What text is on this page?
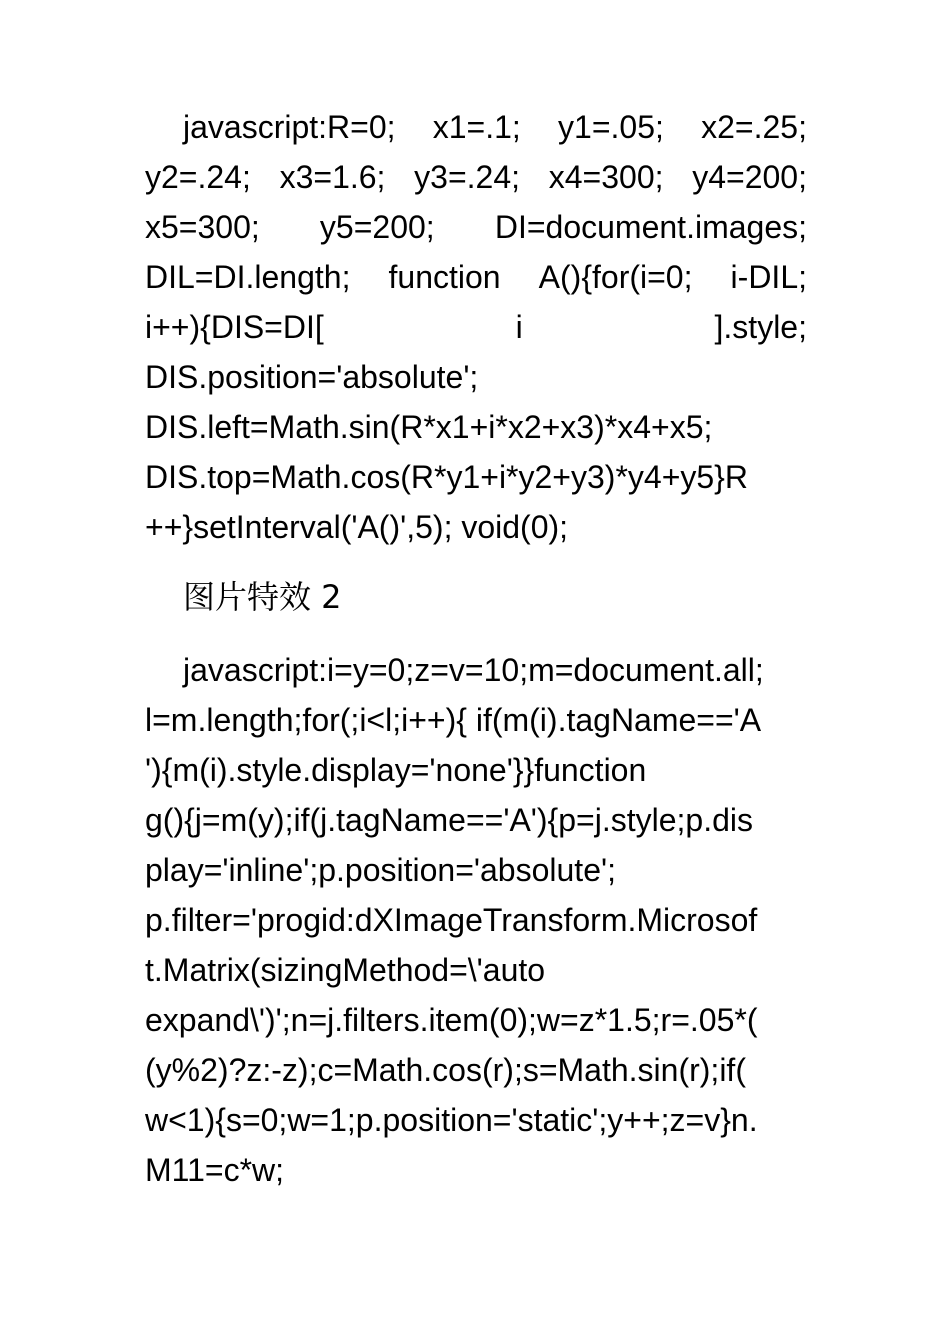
javascript:R=0; x1=.1; y1=.05; x2=.25;
y2=.24; x3=1.6; y3=.24; x4=300; y4=200;
x5=300; y5=200; DI=document.images;
DIL=DI.length; function A(){for(i=0; i-DIL;
i++){DIS=DI[	i	].style;
DIS.position='absolute';
DIS.left=Math.sin(R*x1+i*x2+x3)*x4+x5;
DIS.top=Math.cos(R*y1+i*y2+y3)*y4+y5}R
++}setInterval('A()',5); void(0);
图片特效 2
javascript:i=y=0;z=v=10;m=document.all;
l=m.length;for(;i<l;i++){ if(m(i).tagName=='A
'){m(i).style.display='none'}}function
g(){j=m(y);if(j.tagName=='A'){p=j.style;p.dis
play='inline';p.position='absolute';
p.filter='progid:dXImageTransform.Microsof
t.Matrix(sizingMethod=\'auto
expand\')';n=j.filters.item(0);w=z*1.5;r=.05*(
(y%2)?z:-z);c=Math.cos(r);s=Math.sin(r);if(
w<1){s=0;w=1;p.position='static';y++;z=v}n.
M11=c*w;
